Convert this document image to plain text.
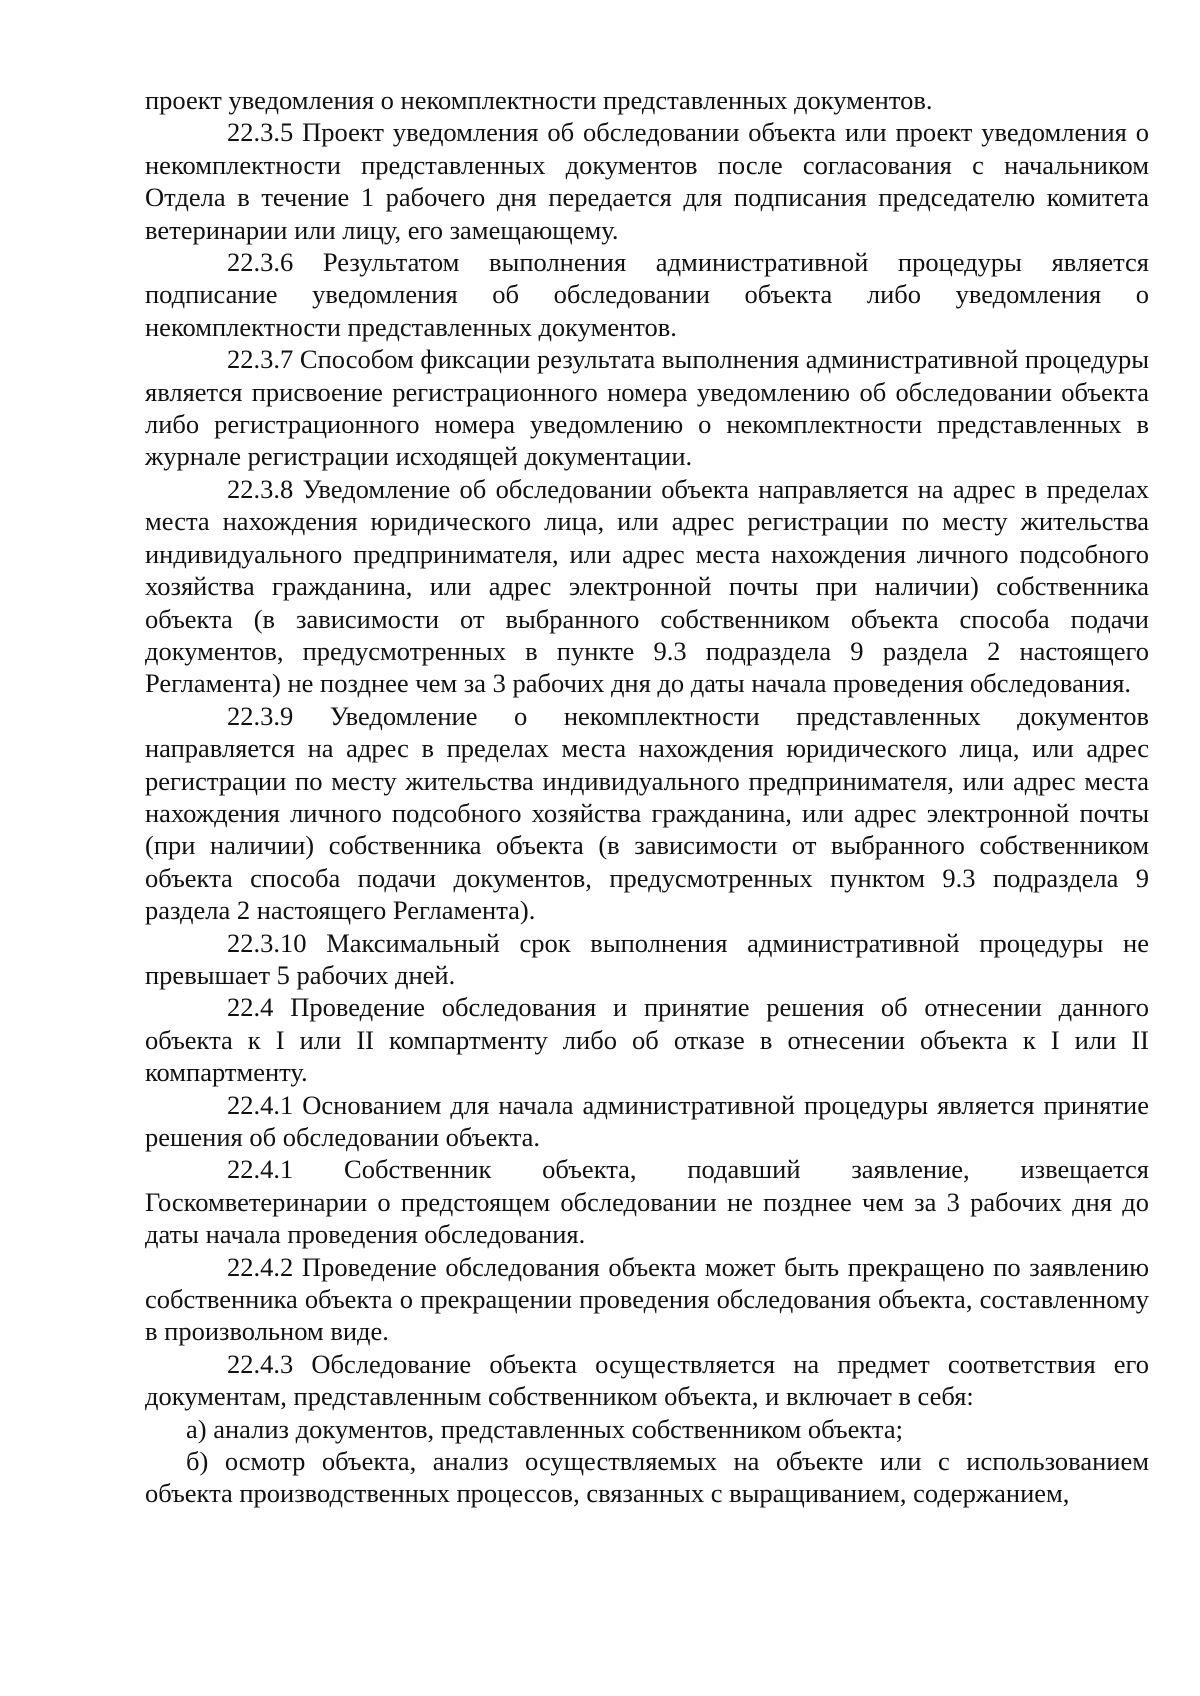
проект уведомления о некомплектности представленных документов.

22.3.5 Проект уведомления об обследовании объекта или проект уведомления о некомплектности представленных документов после согласования с начальником Отдела в течение 1 рабочего дня передается для подписания председателю комитета ветеринарии или лицу, его замещающему.

22.3.6 Результатом выполнения административной процедуры является подписание уведомления об обследовании объекта либо уведомления о некомплектности представленных документов.

22.3.7 Способом фиксации результата выполнения административной процедуры является присвоение регистрационного номера уведомлению об обследовании объекта либо регистрационного номера уведомлению о некомплектности представленных в журнале регистрации исходящей документации.

22.3.8 Уведомление об обследовании объекта направляется на адрес в пределах места нахождения юридического лица, или адрес регистрации по месту жительства индивидуального предпринимателя, или адрес места нахождения личного подсобного хозяйства гражданина, или адрес электронной почты при наличии) собственника объекта (в зависимости от выбранного собственником объекта способа подачи документов, предусмотренных в пункте 9.3 подраздела 9 раздела 2 настоящего Регламента) не позднее чем за 3 рабочих дня до даты начала проведения обследования.

22.3.9 Уведомление о некомплектности представленных документов направляется на адрес в пределах места нахождения юридического лица, или адрес регистрации по месту жительства индивидуального предпринимателя, или адрес места нахождения личного подсобного хозяйства гражданина, или адрес электронной почты (при наличии) собственника объекта (в зависимости от выбранного собственником объекта способа подачи документов, предусмотренных пунктом 9.3 подраздела 9 раздела 2 настоящего Регламента).

22.3.10 Максимальный срок выполнения административной процедуры не превышает 5 рабочих дней.

22.4 Проведение обследования и принятие решения об отнесении данного объекта к I или II компартменту либо об отказе в отнесении объекта к I или II компартменту.

22.4.1 Основанием для начала административной процедуры является принятие решения об обследовании объекта.

22.4.1 Собственник объекта, подавший заявление, извещается Госкомветеринарии о предстоящем обследовании не позднее чем за 3 рабочих дня до даты начала проведения обследования.

22.4.2 Проведение обследования объекта может быть прекращено по заявлению собственника объекта о прекращении проведения обследования объекта, составленному в произвольном виде.

22.4.3 Обследование объекта осуществляется на предмет соответствия его документам, представленным собственником объекта, и включает в себя:

а) анализ документов, представленных собственником объекта;

б) осмотр объекта, анализ осуществляемых на объекте или с использованием объекта производственных процессов, связанных с выращиванием, содержанием,
